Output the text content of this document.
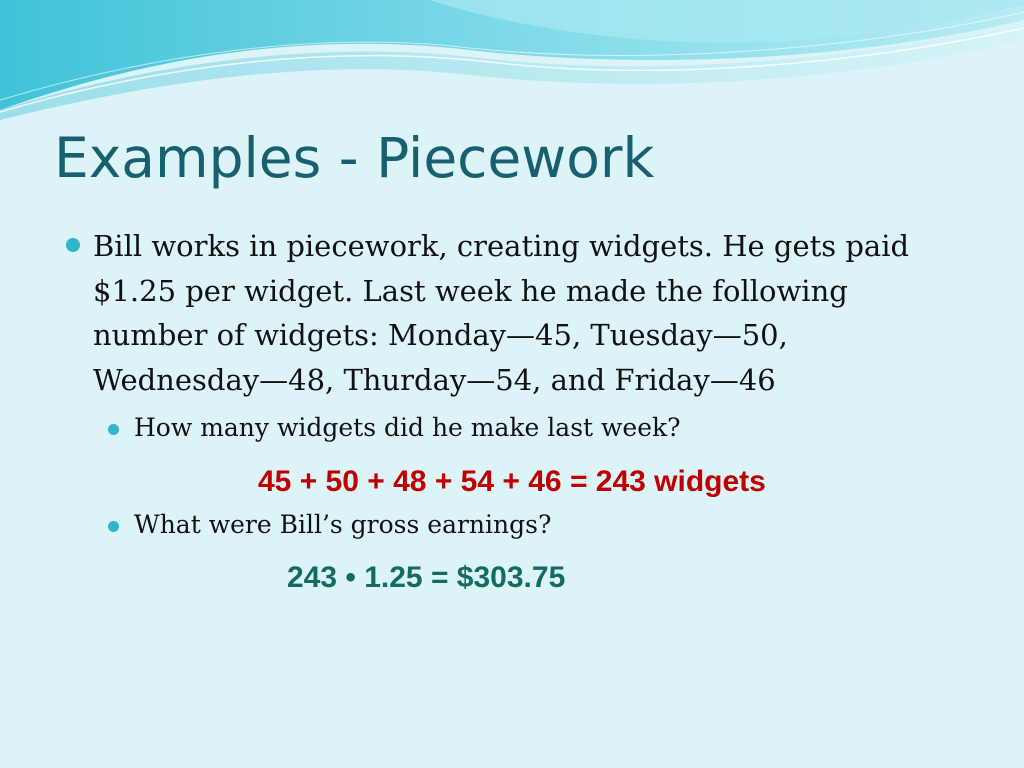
Examples - Piecework
Bill works in piecework, creating widgets. He gets paid
$1.25 per widget. Last week he made the following
number of widgets: Monday—45, Tuesday—50,
Wednesday—48, Thurday—54, and Friday—46
How many widgets did he make last week?
45 + 50 + 48 + 54 + 46 = 243 widgets
What were Bill’s gross earnings?
243 • 1.25 = $303.75
